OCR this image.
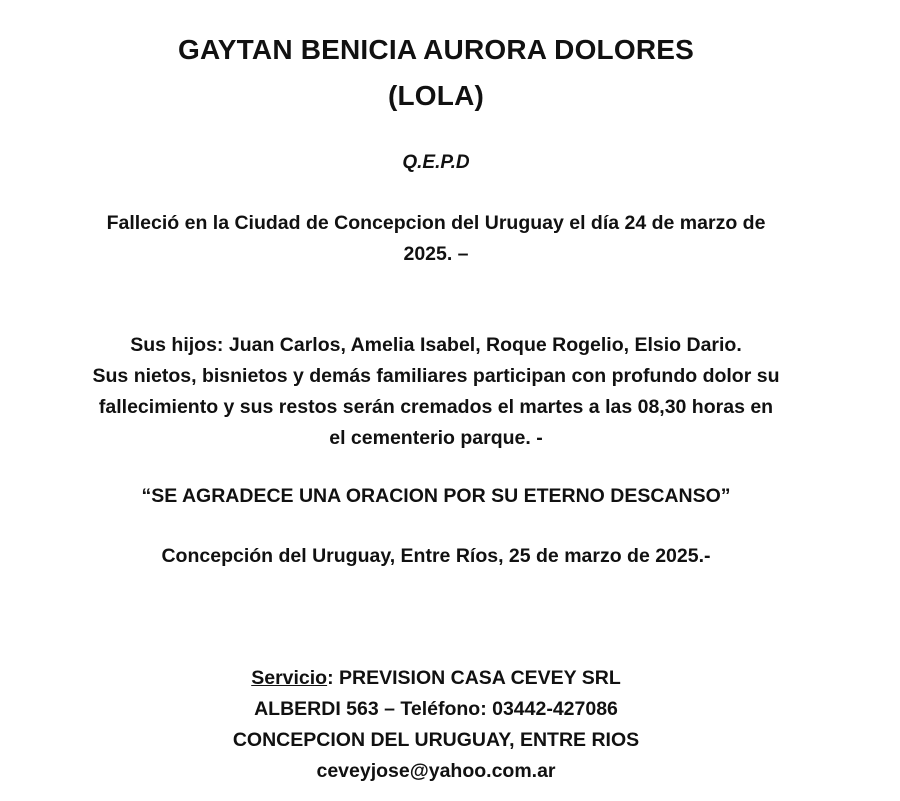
GAYTAN BENICIA AURORA DOLORES
(LOLA)
Q.E.P.D
Falleció en la Ciudad de Concepcion del Uruguay el día 24 de marzo de
2025. –
Sus hijos: Juan Carlos, Amelia Isabel, Roque Rogelio, Elsio Dario.
Sus nietos, bisnietos y demás familiares participan con profundo dolor su
fallecimiento y sus restos serán cremados el martes a las 08,30 horas en
el cementerio parque. -
“SE AGRADECE UNA ORACION POR SU ETERNO DESCANSO”
Concepción del Uruguay, Entre Ríos, 25 de marzo de 2025.-
Servicio: PREVISION CASA CEVEY SRL
ALBERDI 563 – Teléfono: 03442-427086
CONCEPCION DEL URUGUAY, ENTRE RIOS
ceveyjose@yahoo.com.ar
